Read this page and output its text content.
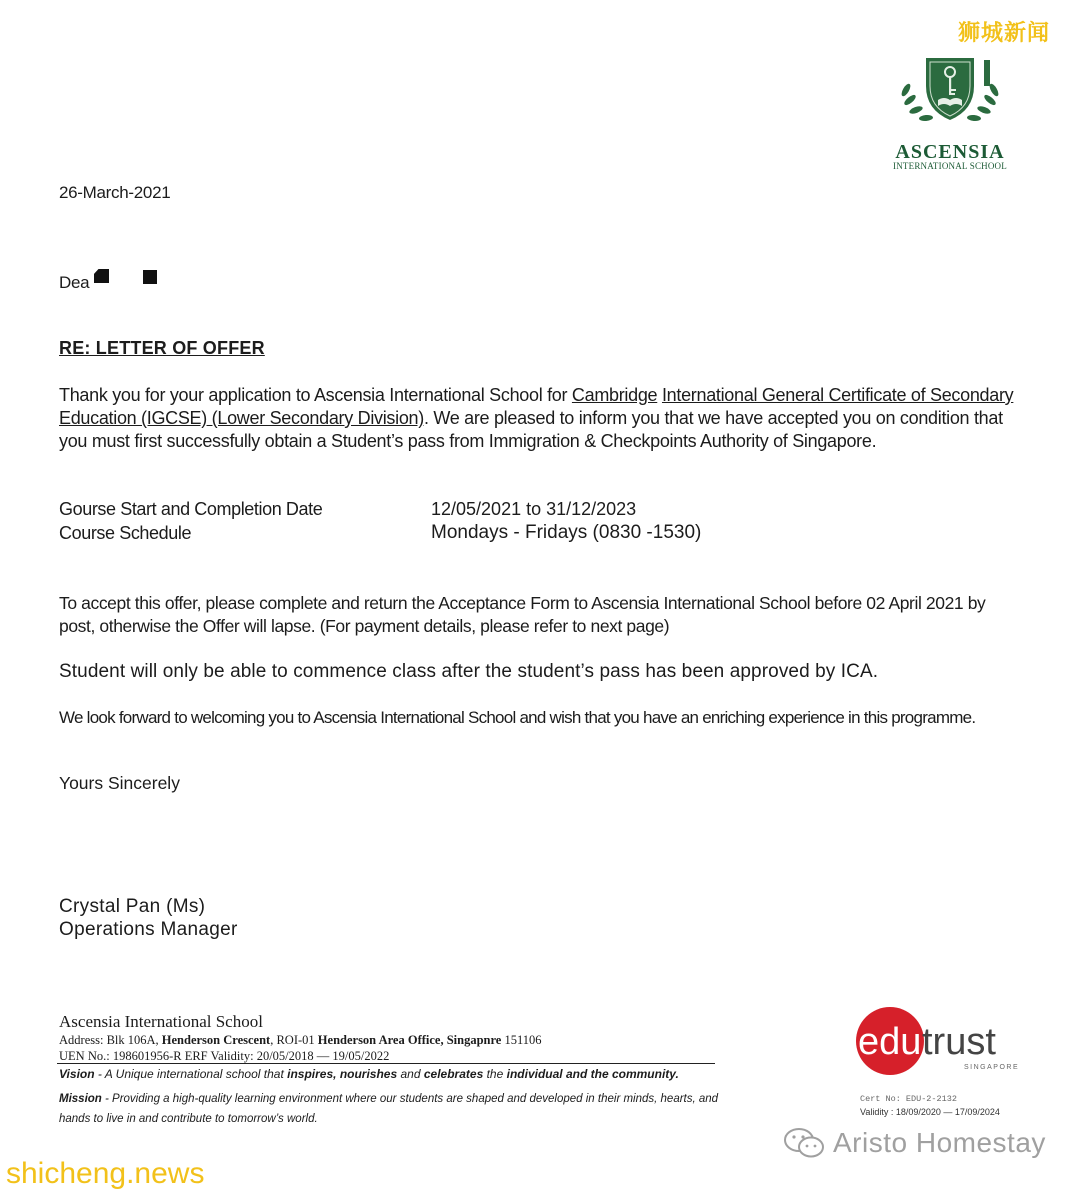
狮城新闻
ASCENSIA
INTERNATIONAL SCHOOL
26-March-2021
Dea
RE: LETTER OF OFFER
Thank you for your application to Ascensia International School for Cambridge International General Certificate of Secondary Education (IGCSE) (Lower Secondary Division). We are pleased to inform you that we have accepted you on condition that you must first successfully obtain a Student’s pass from Immigration & Checkpoints Authority of Singapore.
Gourse Start and Completion Date	12/05/2021 to 31/12/2023
Course Schedule	Mondays - Fridays (0830 -1530)
To accept this offer, please complete and return the Acceptance Form to Ascensia International School before 02 April 2021 by post, otherwise the Offer will lapse. (For payment details, please refer to next page)
Student will only be able to commence class after the student’s pass has been approved by ICA.
We look forward to welcoming you to Ascensia International School and wish that you have an enriching experience in this programme.
Yours Sincerely
Crystal Pan (Ms)
Operations Manager
Ascensia International School
Address: Blk 106A, Henderson Crescent, ROI-01 Henderson Area Office, Singapnre 151106
UEN No.: 198601956-R ERF Validity: 20/05/2018 — 19/05/2022
Vision - A Unique international school that inspires, nourishes and celebrates the individual and the community.
Mission - Providing a high-quality learning environment where our students are shaped and developed in their minds, hearts, and hands to live in and contribute to tomorrow’s world.
edu trust
SINGAPORE
Cert No: EDU-2-2132
Validity : 18/09/2020 — 17/09/2024
shicheng.news
Aristo Homestay
